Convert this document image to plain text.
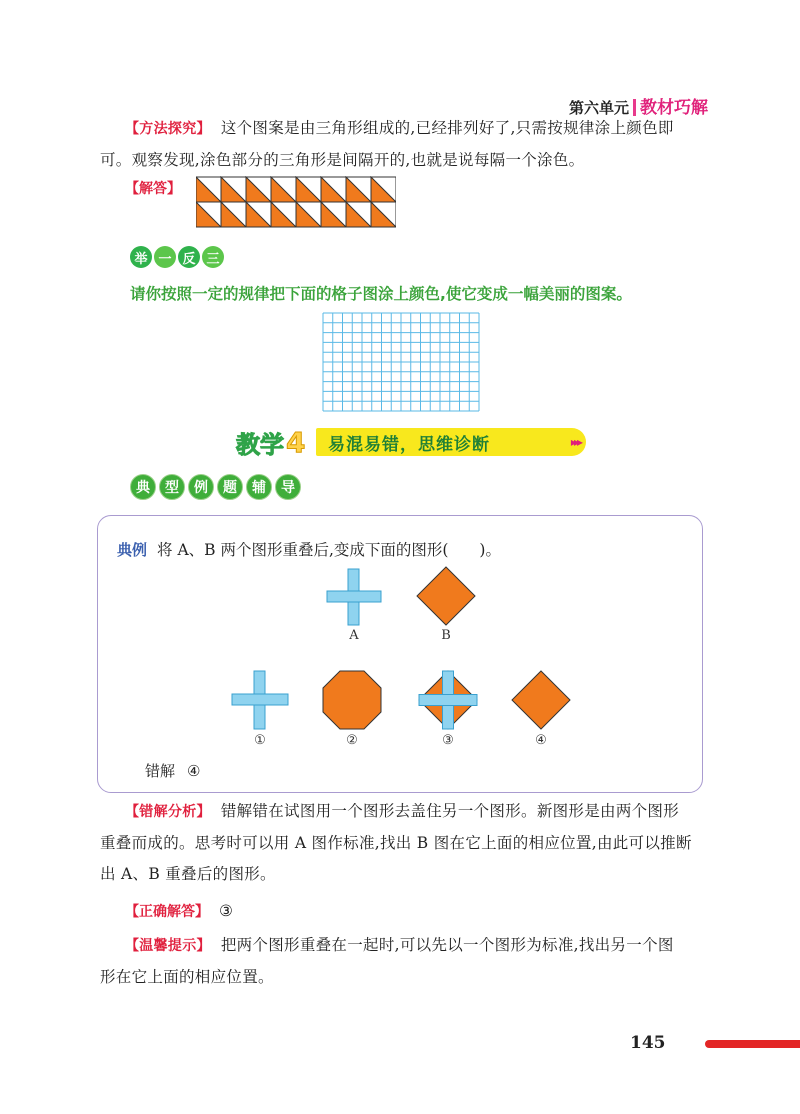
第六单元 教材巧解
【方法探究】 这个图案是由三角形组成的,已经排列好了,只需按规律涂上颜色即
可。观察发现,涂色部分的三角形是间隔开的,也就是说每隔一个涂色。
【解答】
举 一 反 三
请你按照一定的规律把下面的格子图涂上颜色,使它变成一幅美丽的图案。
教学 4 易混易错，思维诊断	▸▸▸
典	型	例	题	辅	导
典例 将 A、B 两个图形重叠后,变成下面的图形(　　)。
A	B
①	②	③	④
错解 ④
【错解分析】 错解错在试图用一个图形去盖住另一个图形。新图形是由两个图形
重叠而成的。思考时可以用 A 图作标准,找出 B 图在它上面的相应位置,由此可以推断
出 A、B 重叠后的图形。
【正确解答】 ③
【温馨提示】 把两个图形重叠在一起时,可以先以一个图形为标准,找出另一个图
形在它上面的相应位置。
145
